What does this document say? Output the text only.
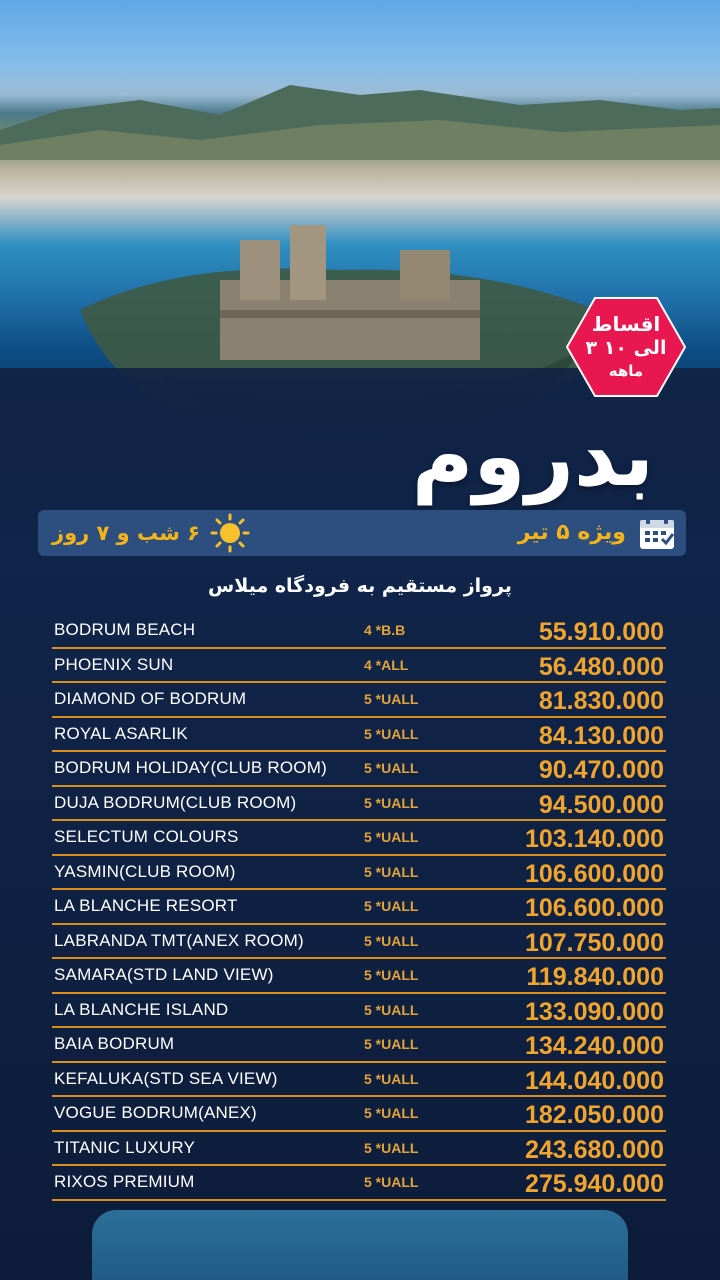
اقساط
۳ الی ۱۰
ماهه
بدروم
ویژه ۵ تیر
۶ شب و ۷ روز
پرواز مستقیم به فرودگاه میلاس
BODRUM BEACH	4 *B.B	55.910.000
PHOENIX SUN	4 *ALL	56.480.000
DIAMOND OF BODRUM	5 *UALL	81.830.000
ROYAL ASARLIK	5 *UALL	84.130.000
BODRUM HOLIDAY(CLUB ROOM)	5 *UALL	90.470.000
DUJA BODRUM(CLUB ROOM)	5 *UALL	94.500.000
SELECTUM COLOURS	5 *UALL	103.140.000
YASMIN(CLUB ROOM)	5 *UALL	106.600.000
LA BLANCHE RESORT	5 *UALL	106.600.000
LABRANDA TMT(ANEX ROOM)	5 *UALL	107.750.000
SAMARA(STD LAND VIEW)	5 *UALL	119.840.000
LA BLANCHE ISLAND	5 *UALL	133.090.000
BAIA BODRUM	5 *UALL	134.240.000
KEFALUKA(STD SEA VIEW)	5 *UALL	144.040.000
VOGUE BODRUM(ANEX)	5 *UALL	182.050.000
TITANIC LUXURY	5 *UALL	243.680.000
RIXOS PREMIUM	5 *UALL	275.940.000
